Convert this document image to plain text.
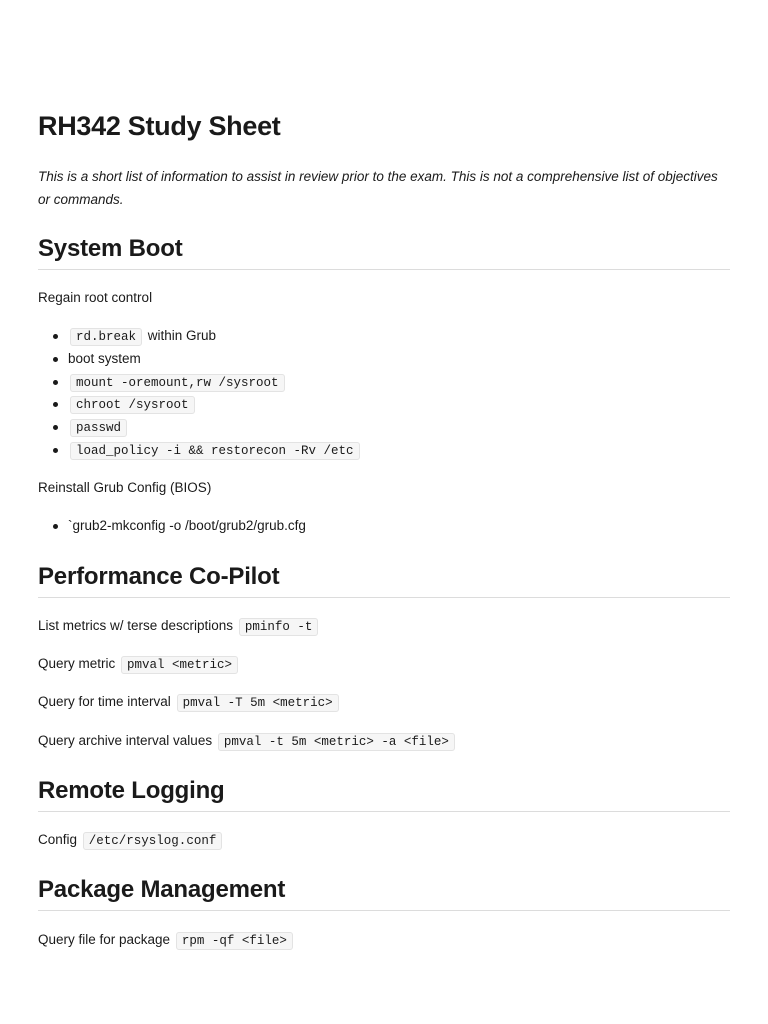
RH342 Study Sheet

This is a short list of information to assist in review prior to the exam. This is not a comprehensive list of objectives or commands.

System Boot

Regain root control

rd.break within Grub
boot system
mount -oremount,rw /sysroot
chroot /sysroot
passwd
load_policy -i && restorecon -Rv /etc

Reinstall Grub Config (BIOS)

`grub2-mkconfig -o /boot/grub2/grub.cfg
Performance Co-Pilot

List metrics w/ terse descriptions pminfo -t

Query metric pmval <metric>

Query for time interval pmval -T 5m <metric>

Query archive interval values pmval -t 5m <metric> -a <file>

Remote Logging

Config /etc/rsyslog.conf

Package Management

Query file for package rpm -qf <file>
